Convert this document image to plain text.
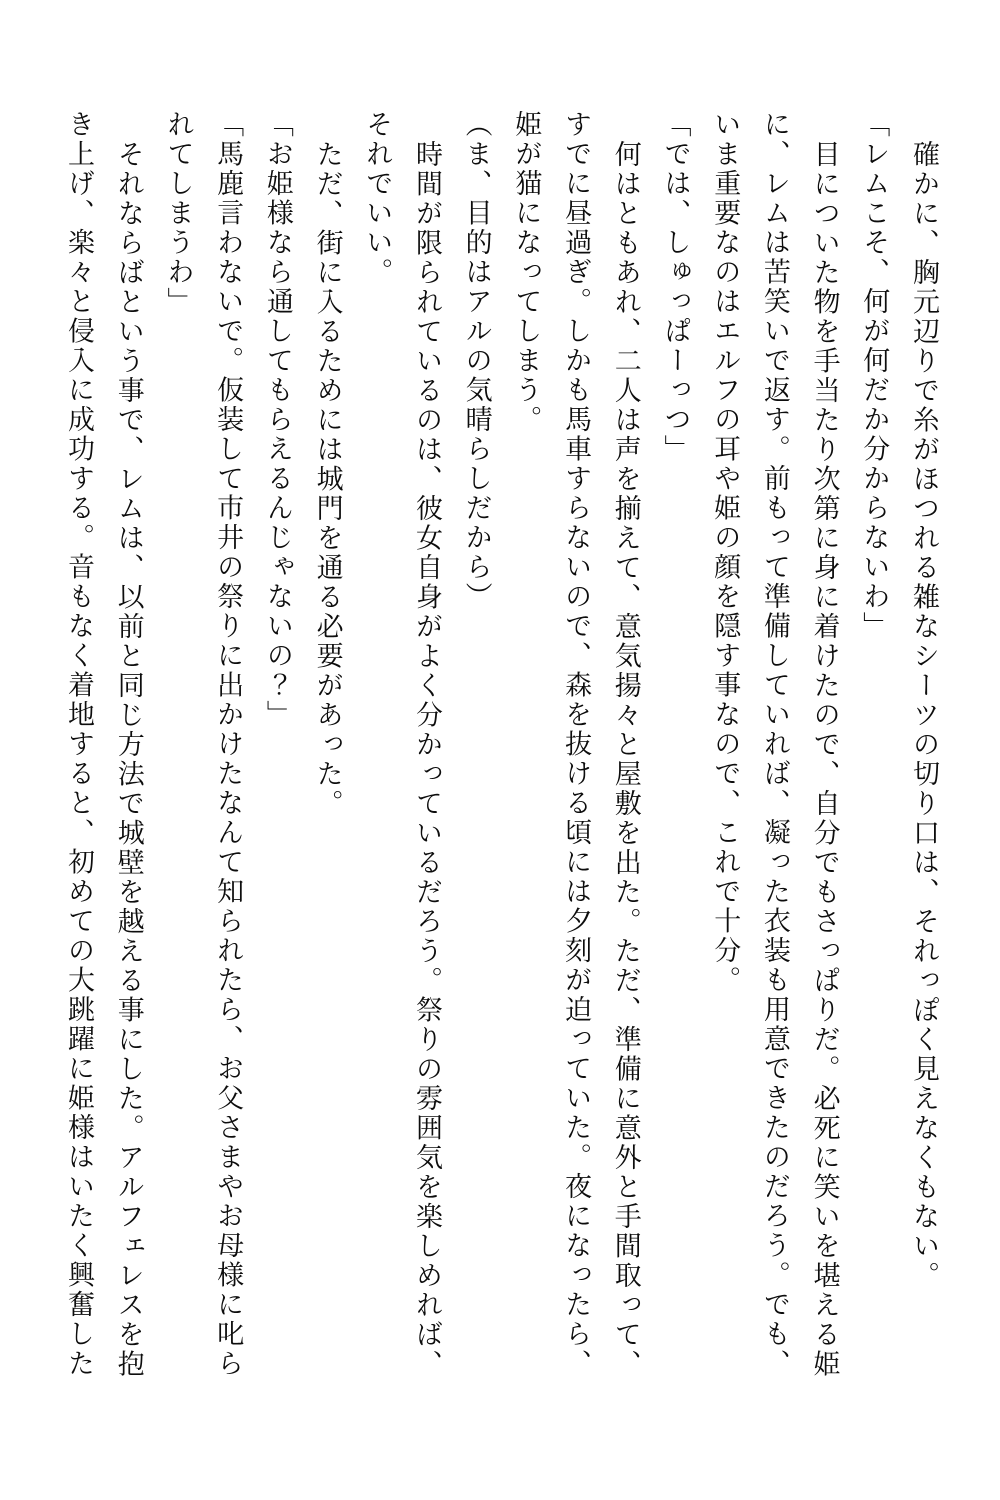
確かに、胸元辺りで糸がほつれる雑なシーツの切り口は、それっぽく見えなくもない。
「レムこそ、何が何だか分からないわ」
目についた物を手当たり次第に身に着けたので、自分でもさっぱりだ。必死に笑いを堪える姫
に、レムは苦笑いで返す。前もって準備していれば、凝った衣装も用意できたのだろう。でも、
いま重要なのはエルフの耳や姫の顔を隠す事なので、これで十分。
「では、しゅっぱーっつ」
何はともあれ、二人は声を揃えて、意気揚々と屋敷を出た。ただ、準備に意外と手間取って、
すでに昼過ぎ。しかも馬車すらないので、森を抜ける頃には夕刻が迫っていた。夜になったら、
姫が猫になってしまう。
（ま、目的はアルの気晴らしだから）
時間が限られているのは、彼女自身がよく分かっているだろう。祭りの雰囲気を楽しめれば、
それでいい。
ただ、街に入るためには城門を通る必要があった。
「お姫様なら通してもらえるんじゃないの？」
「馬鹿言わないで。仮装して市井の祭りに出かけたなんて知られたら、お父さまやお母様に叱ら
れてしまうわ」
それならばという事で、レムは、以前と同じ方法で城壁を越える事にした。アルフェレスを抱
き上げ、楽々と侵入に成功する。音もなく着地すると、初めての大跳躍に姫様はいたく興奮した
